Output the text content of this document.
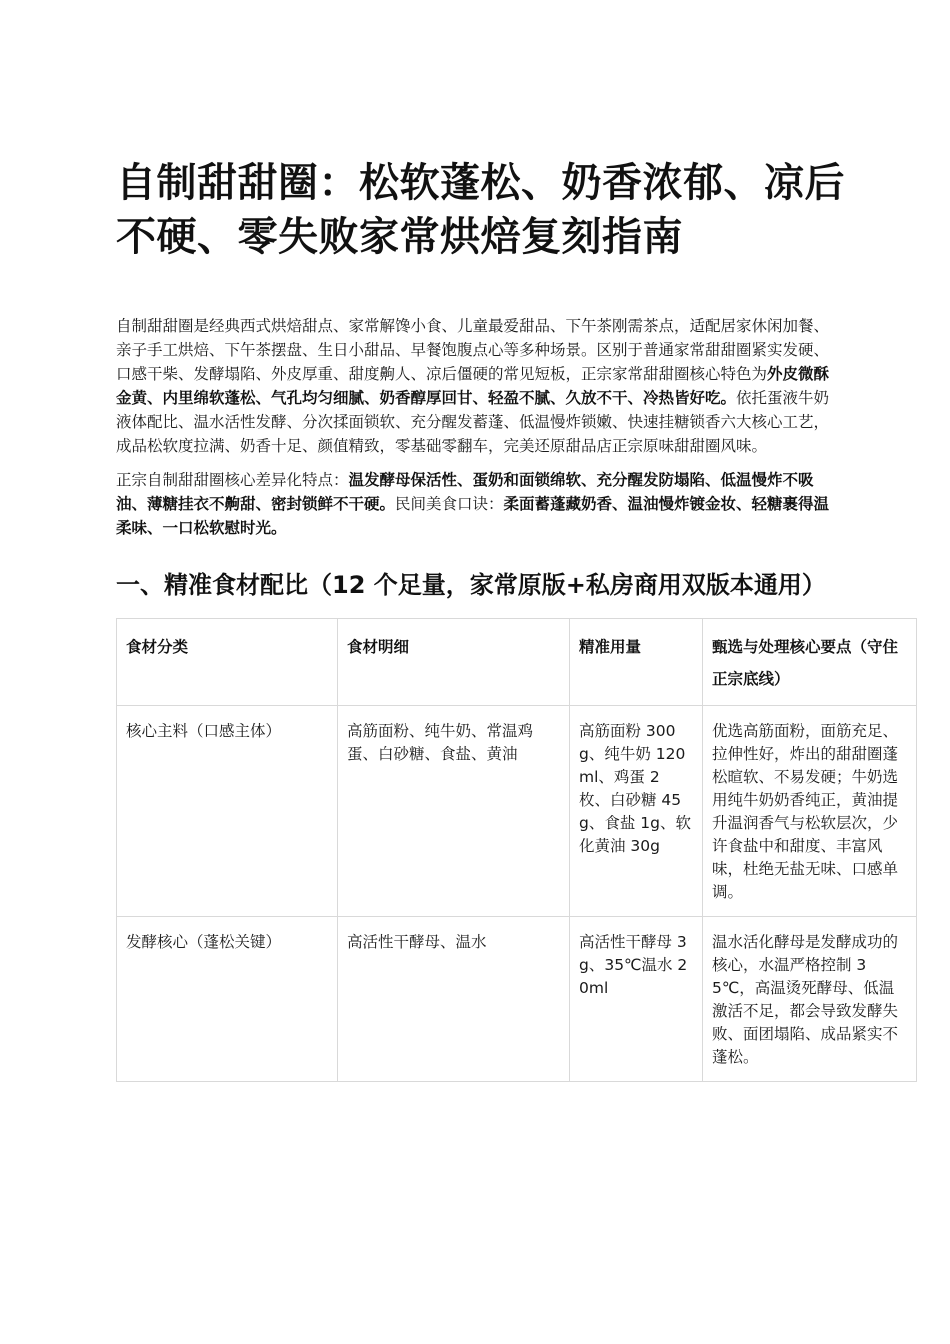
自制甜甜圈：松软蓬松、奶香浓郁、凉后不硬、零失败家常烘焙复刻指南

自制甜甜圈是经典西式烘焙甜点、家常解馋小食、儿童最爱甜品、下午茶刚需茶点，适配居家休闲加餐、亲子手工烘焙、下午茶摆盘、生日小甜品、早餐饱腹点心等多种场景。区别于普通家常甜甜圈紧实发硬、口感干柴、发酵塌陷、外皮厚重、甜度齁人、凉后僵硬的常见短板，正宗家常甜甜圈核心特色为外皮微酥金黄、内里绵软蓬松、气孔均匀细腻、奶香醇厚回甘、轻盈不腻、久放不干、冷热皆好吃。依托蛋液牛奶液体配比、温水活性发酵、分次揉面锁软、充分醒发蓄蓬、低温慢炸锁嫩、快速挂糖锁香六大核心工艺，成品松软度拉满、奶香十足、颜值精致，零基础零翻车，完美还原甜品店正宗原味甜甜圈风味。

正宗自制甜甜圈核心差异化特点：温发酵母保活性、蛋奶和面锁绵软、充分醒发防塌陷、低温慢炸不吸油、薄糖挂衣不齁甜、密封锁鲜不干硬。民间美食口诀：柔面蓄蓬藏奶香、温油慢炸镀金妆、轻糖裹得温柔味、一口松软慰时光。

一、精准食材配比（12 个足量，家常原版+私房商用双版本通用）
食材分类	食材明细	精准用量	甄选与处理核心要点（守住正宗底线）
核心主料（口感主体）	高筋面粉、纯牛奶、常温鸡蛋、白砂糖、食盐、黄油	高筋面粉 300g、纯牛奶 120ml、鸡蛋 2 枚、白砂糖 45g、食盐 1g、软化黄油 30g	优选高筋面粉，面筋充足、拉伸性好，炸出的甜甜圈蓬松暄软、不易发硬；牛奶选用纯牛奶奶香纯正，黄油提升温润香气与松软层次，少许食盐中和甜度、丰富风味，杜绝无盐无味、口感单调。
发酵核心（蓬松关键）	高活性干酵母、温水	高活性干酵母 3g、35℃温水 20ml	温水活化酵母是发酵成功的核心，水温严格控制 35℃，高温烫死酵母、低温激活不足，都会导致发酵失败、面团塌陷、成品紧实不蓬松。
